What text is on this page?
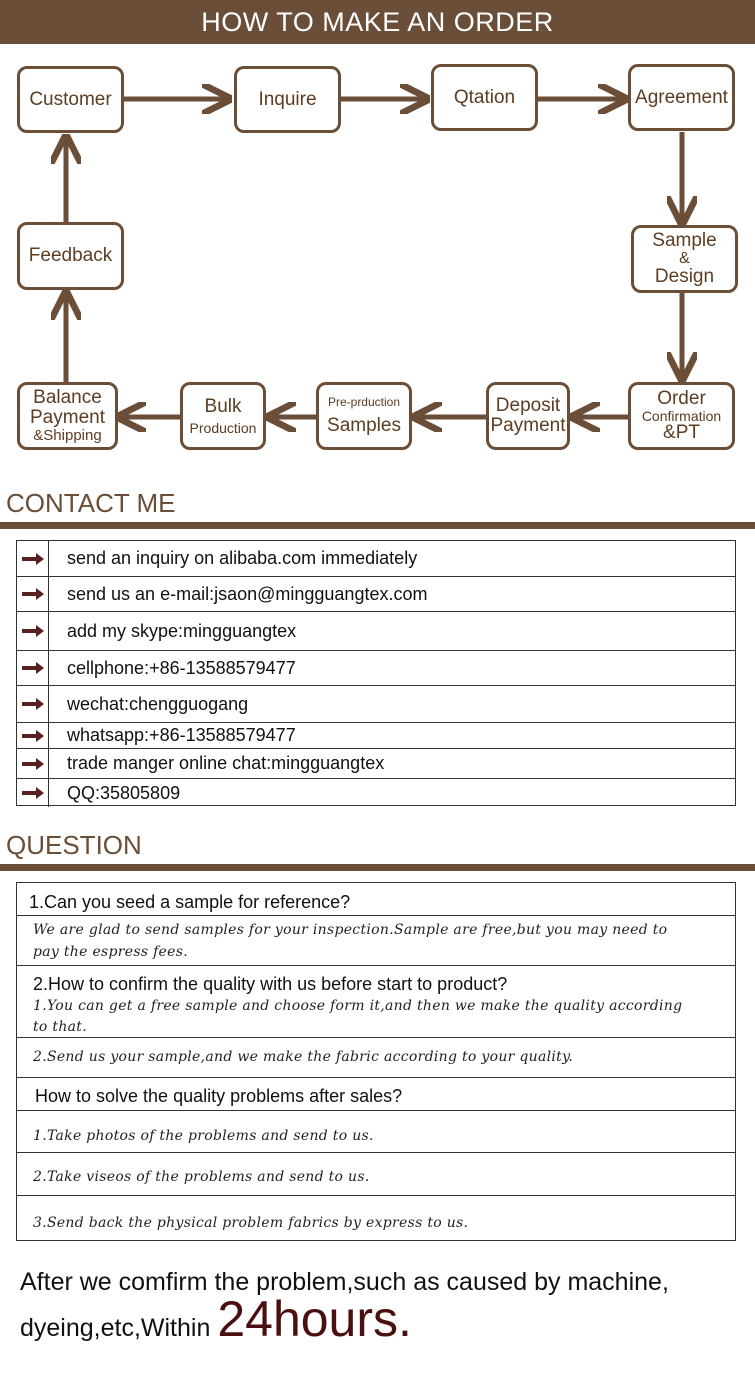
HOW TO MAKE AN ORDER
Customer	Inquire	Qtation	Agreement
Sample
&
Design
Order
Confirmation
&PT
Deposit
Payment
Pre-prduction
Samples
Bulk
Production
Balance
Payment
&Shipping
Feedback
CONTACT ME
send an inquiry on alibaba.com immediately
send us an e-mail:jsaon@mingguangtex.com
add my skype:mingguangtex
cellphone:+86-13588579477
wechat:chengguogang
whatsapp:+86-13588579477
trade manger online chat:mingguangtex
QQ:35805809
QUESTION
1.Can you seed a sample for reference?
We are glad to send samples for your inspection.Sample are free,but you may need to
pay the espress fees.
2.How to confirm the quality with us before start to product?
1.You can get a free sample and choose form it,and then we make the quality according
to that.
2.Send us your sample,and we make the fabric according to your quality.
How to solve the quality problems after sales?
1.Take photos of the problems and send to us.
2.Take viseos of the problems and send to us.
3.Send back the physical problem fabrics by express to us.
After we comfirm the problem,such as caused by machine,
dyeing,etc,Within 24hours.
